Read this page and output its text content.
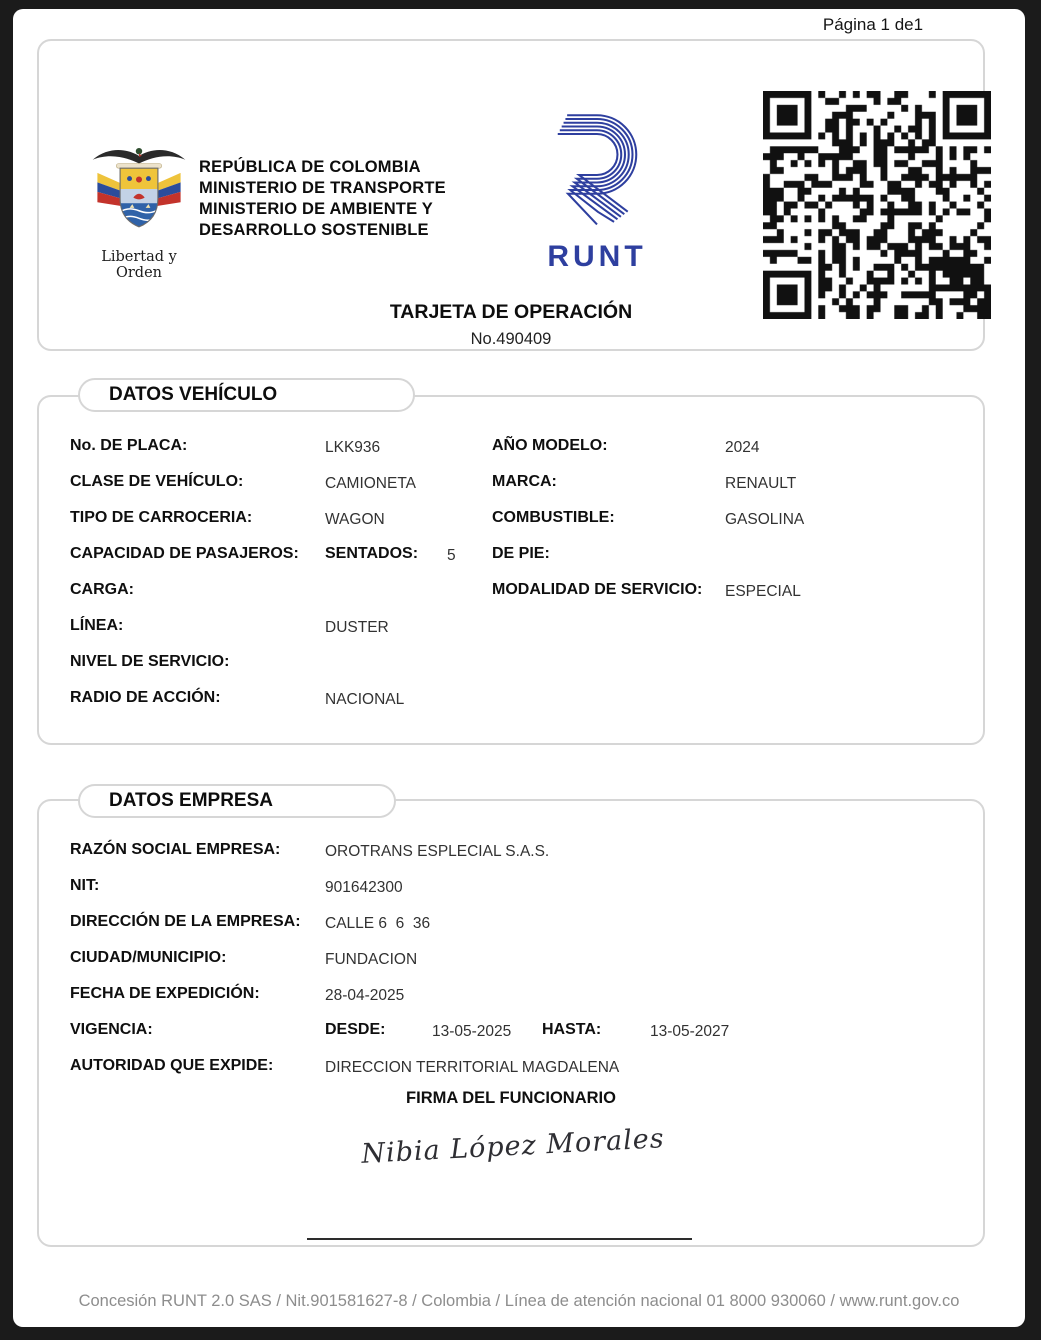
Página 1 de1
Libertad y Orden
REPÚBLICA DE COLOMBIA
MINISTERIO DE TRANSPORTE
MINISTERIO DE AMBIENTE Y
DESARROLLO SOSTENIBLE
RUNT
TARJETA DE OPERACIÓN
No.490409
DATOS VEHÍCULO
No. DE PLACA:	LKK936	AÑO MODELO:	2024
CLASE DE VEHÍCULO:	CAMIONETA	MARCA:	RENAULT
TIPO DE CARROCERIA:	WAGON	COMBUSTIBLE:	GASOLINA
CAPACIDAD DE PASAJEROS: SENTADOS: 5 DE PIE:
CARGA:	MODALIDAD DE SERVICIO: ESPECIAL
LÍNEA:	DUSTER
NIVEL DE SERVICIO:
RADIO DE ACCIÓN:	NACIONAL
DATOS EMPRESA
RAZÓN SOCIAL EMPRESA:	OROTRANS ESPLECIAL S.A.S.
NIT:	901642300
DIRECCIÓN DE LA EMPRESA: CALLE 6  6  36
CIUDAD/MUNICIPIO:	FUNDACION
FECHA DE EXPEDICIÓN:	28-04-2025
VIGENCIA:	DESDE:	13-05-2025 HASTA:	13-05-2027
AUTORIDAD QUE EXPIDE:	DIRECCION TERRITORIAL MAGDALENA
FIRMA DEL FUNCIONARIO
Nibia López Morales
Concesión RUNT 2.0 SAS / Nit.901581627-8 / Colombia / Línea de atención nacional 01 8000 930060 / www.runt.gov.co
